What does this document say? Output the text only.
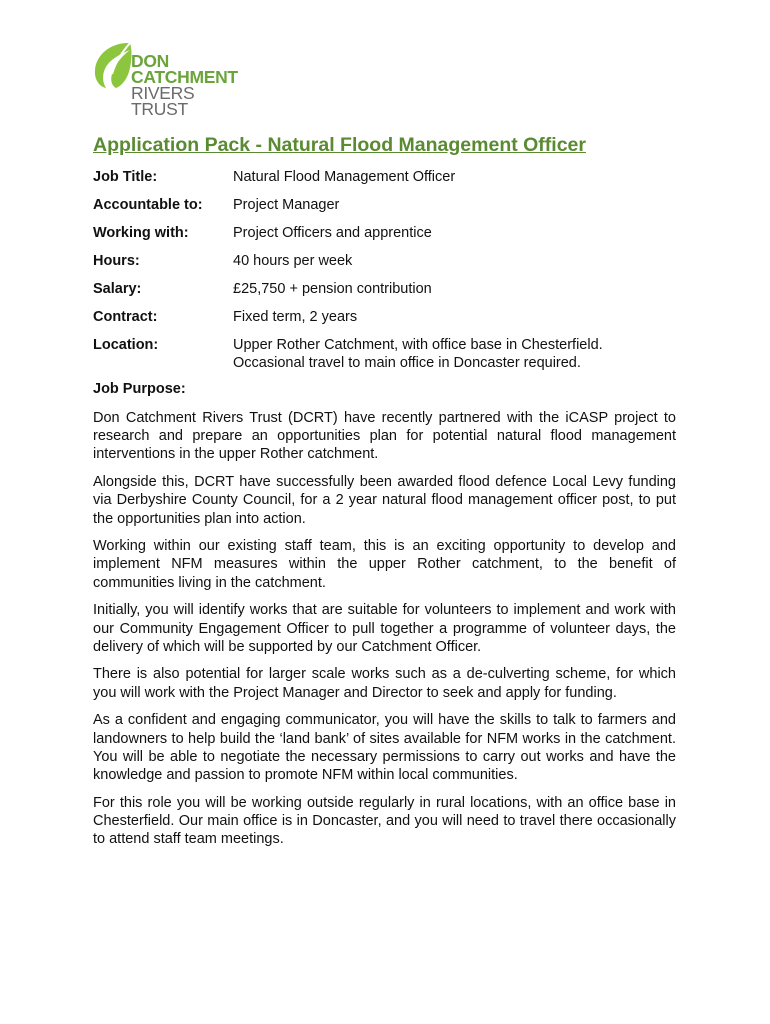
DON
CATCHMENT
RIVERS TRUST
Application Pack - Natural Flood Management Officer
Job Title:	Natural Flood Management Officer
Accountable to:	Project Manager
Working with:	Project Officers and apprentice
Hours:	40 hours per week
Salary:	£25,750 + pension contribution
Contract:	Fixed term, 2 years
Location:	Upper Rother Catchment, with office base in Chesterfield.
Occasional travel to main office in Doncaster required.
Job Purpose:

Don Catchment Rivers Trust (DCRT) have recently partnered with the iCASP project to research and prepare an opportunities plan for potential natural flood management interventions in the upper Rother catchment.

Alongside this, DCRT have successfully been awarded flood defence Local Levy funding via Derbyshire County Council, for a 2 year natural flood management officer post, to put the opportunities plan into action.

Working within our existing staff team, this is an exciting opportunity to develop and implement NFM measures within the upper Rother catchment, to the benefit of communities living in the catchment.

Initially, you will identify works that are suitable for volunteers to implement and work with our Community Engagement Officer to pull together a programme of volunteer days, the delivery of which will be supported by our Catchment Officer.

There is also potential for larger scale works such as a de-culverting scheme, for which you will work with the Project Manager and Director to seek and apply for funding.

As a confident and engaging communicator, you will have the skills to talk to farmers and landowners to help build the ‘land bank’ of sites available for NFM works in the catchment. You will be able to negotiate the necessary permissions to carry out works and have the knowledge and passion to promote NFM within local communities.

For this role you will be working outside regularly in rural locations, with an office base in Chesterfield. Our main office is in Doncaster, and you will need to travel there occasionally to attend staff team meetings.
